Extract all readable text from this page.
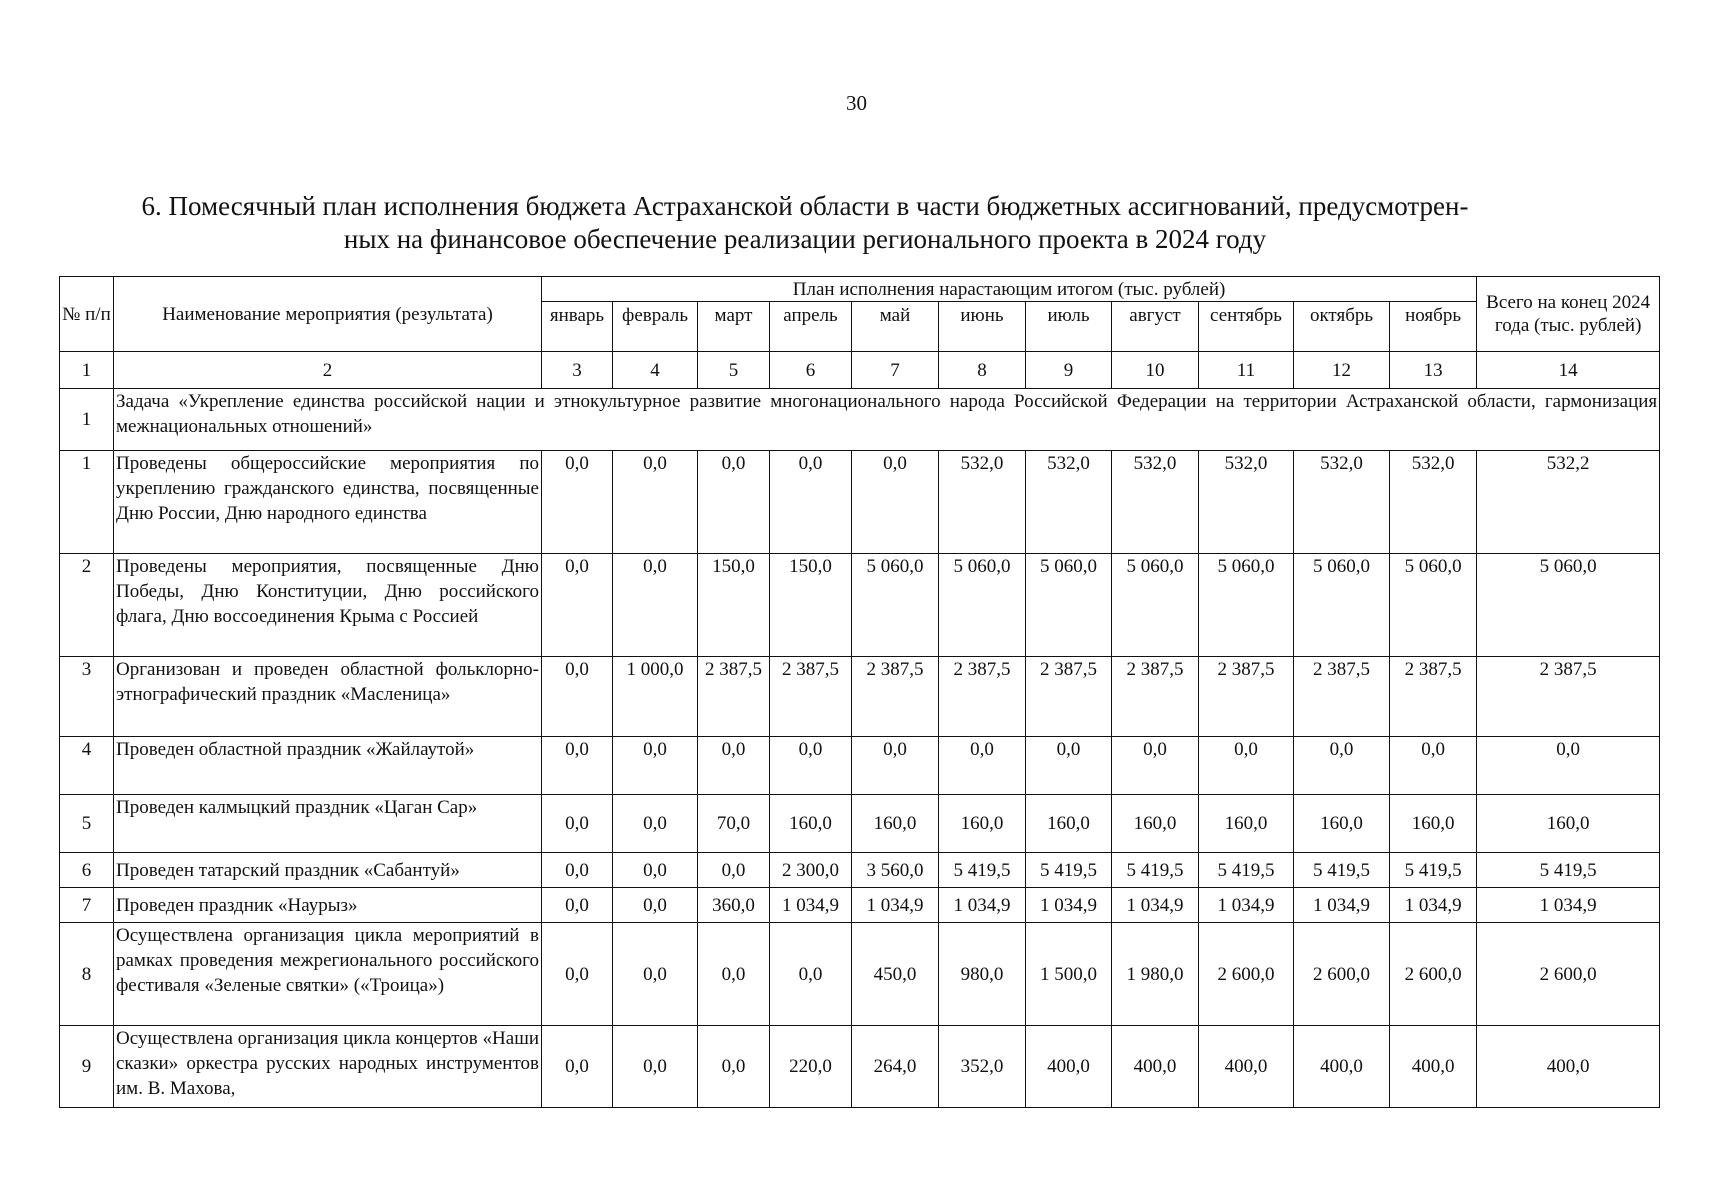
30
6. Помесячный план исполнения бюджета Астраханской области в части бюджетных ассигнований, предусмотрен-
ных на финансовое обеспечение реализации регионального проекта в 2024 году
№ п/п	Наименование мероприятия (результата)	План исполнения нарастающим итогом (тыс. рублей)											Всего на конец 2024 года (тыс. рублей)
		январь	февраль	март	апрель	май	июнь	июль	август	сентябрь	октябрь	ноябрь	
1	2	3	4	5	6	7	8	9	10	11	12	13	14
1	Задача «Укрепление единства российской нации и этнокультурное развитие многонационального народа Российской Федерации на территории Астраханской области, гармонизация межнациональных отношений»												
1	Проведены общероссийские мероприятия по укреплению гражданского единства, посвященные Дню России, Дню народного единства	0,0	0,0	0,0	0,0	0,0	532,0	532,0	532,0	532,0	532,0	532,0	532,2
2	Проведены мероприятия, посвященные Дню Победы, Дню Конституции, Дню российского флага, Дню воссоединения Крыма с Россией	0,0	0,0	150,0	150,0	5 060,0	5 060,0	5 060,0	5 060,0	5 060,0	5 060,0	5 060,0	5 060,0
3	Организован и проведен областной фольклорно-этнографический праздник «Масленица»	0,0	1 000,0	2 387,5	2 387,5	2 387,5	2 387,5	2 387,5	2 387,5	2 387,5	2 387,5	2 387,5	2 387,5
4	Проведен областной праздник «Жайлаутой»	0,0	0,0	0,0	0,0	0,0	0,0	0,0	0,0	0,0	0,0	0,0	0,0
5	Проведен калмыцкий праздник «Цаган Сар»	0,0	0,0	70,0	160,0	160,0	160,0	160,0	160,0	160,0	160,0	160,0	160,0
6	Проведен татарский праздник «Сабантуй»	0,0	0,0	0,0	2 300,0	3 560,0	5 419,5	5 419,5	5 419,5	5 419,5	5 419,5	5 419,5	5 419,5
7	Проведен праздник «Наурыз»	0,0	0,0	360,0	1 034,9	1 034,9	1 034,9	1 034,9	1 034,9	1 034,9	1 034,9	1 034,9	1 034,9
8	Осуществлена организация цикла мероприятий в рамках проведения межрегионального российского фестиваля «Зеленые святки» («Троица»)	0,0	0,0	0,0	0,0	450,0	980,0	1 500,0	1 980,0	2 600,0	2 600,0	2 600,0	2 600,0
9	Осуществлена организация цикла концертов «Наши сказки» оркестра русских народных инструментов им. В. Махова,	0,0	0,0	0,0	220,0	264,0	352,0	400,0	400,0	400,0	400,0	400,0	400,0
